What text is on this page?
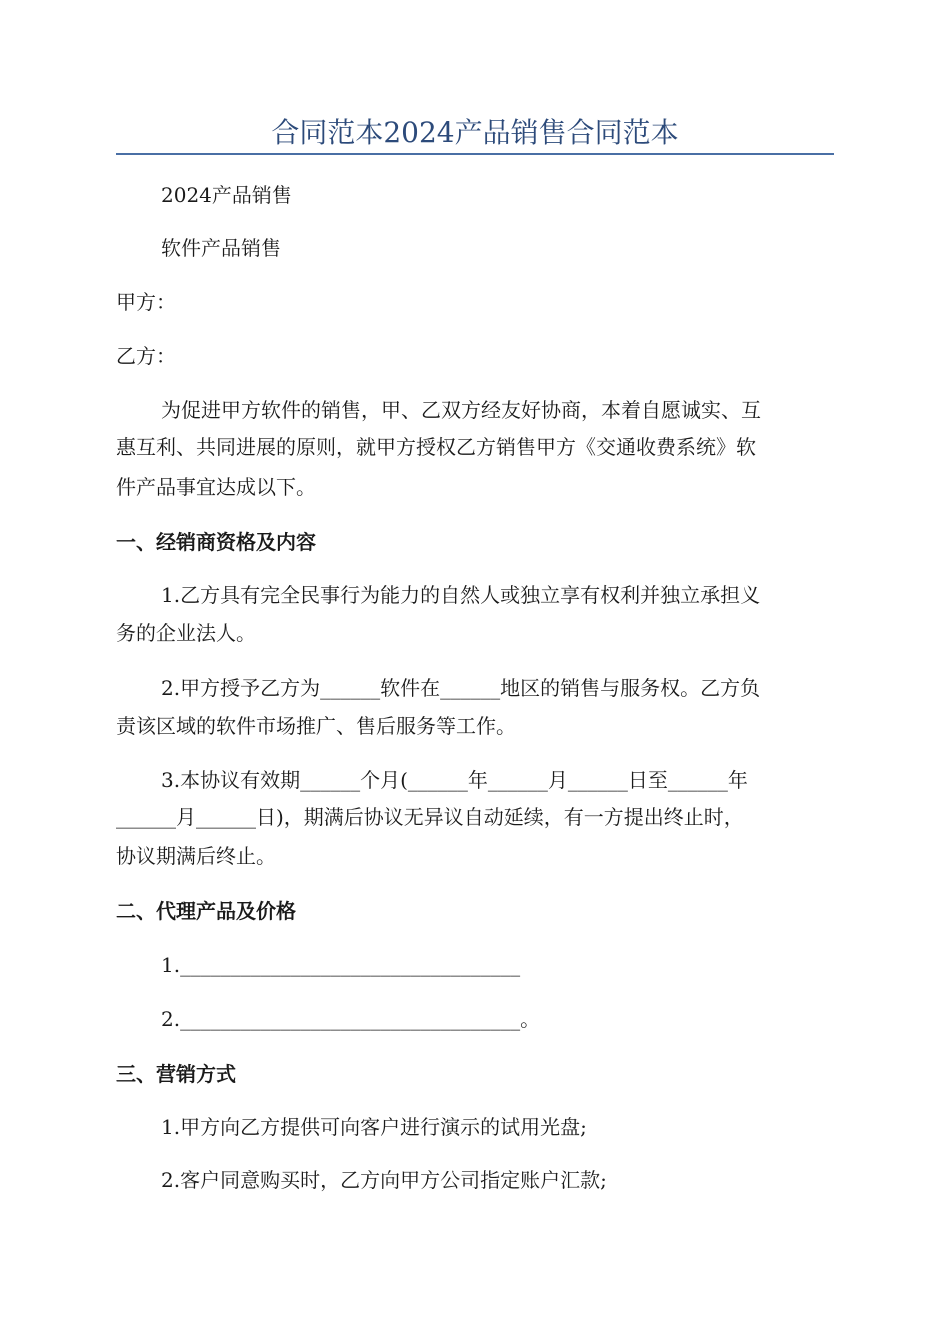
合同范本2024产品销售合同范本
2024产品销售
软件产品销售
甲方：
乙方：
为促进甲方软件的销售，甲、乙双方经友好协商，本着自愿诚实、互
惠互利、共同进展的原则，就甲方授权乙方销售甲方《交通收费系统》软
件产品事宜达成以下。
一、经销商资格及内容
1.乙方具有完全民事行为能力的自然人或独立享有权利并独立承担义
务的企业法人。
2.甲方授予乙方为______软件在______地区的销售与服务权。乙方负
责该区域的软件市场推广、售后服务等工作。
3.本协议有效期______个月(______年______月______日至______年
______月______日)，期满后协议无异议自动延续，有一方提出终止时，
协议期满后终止。
二、代理产品及价格
1.__________________________________
2.__________________________________。
三、营销方式
1.甲方向乙方提供可向客户进行演示的试用光盘;
2.客户同意购买时，乙方向甲方公司指定账户汇款;
